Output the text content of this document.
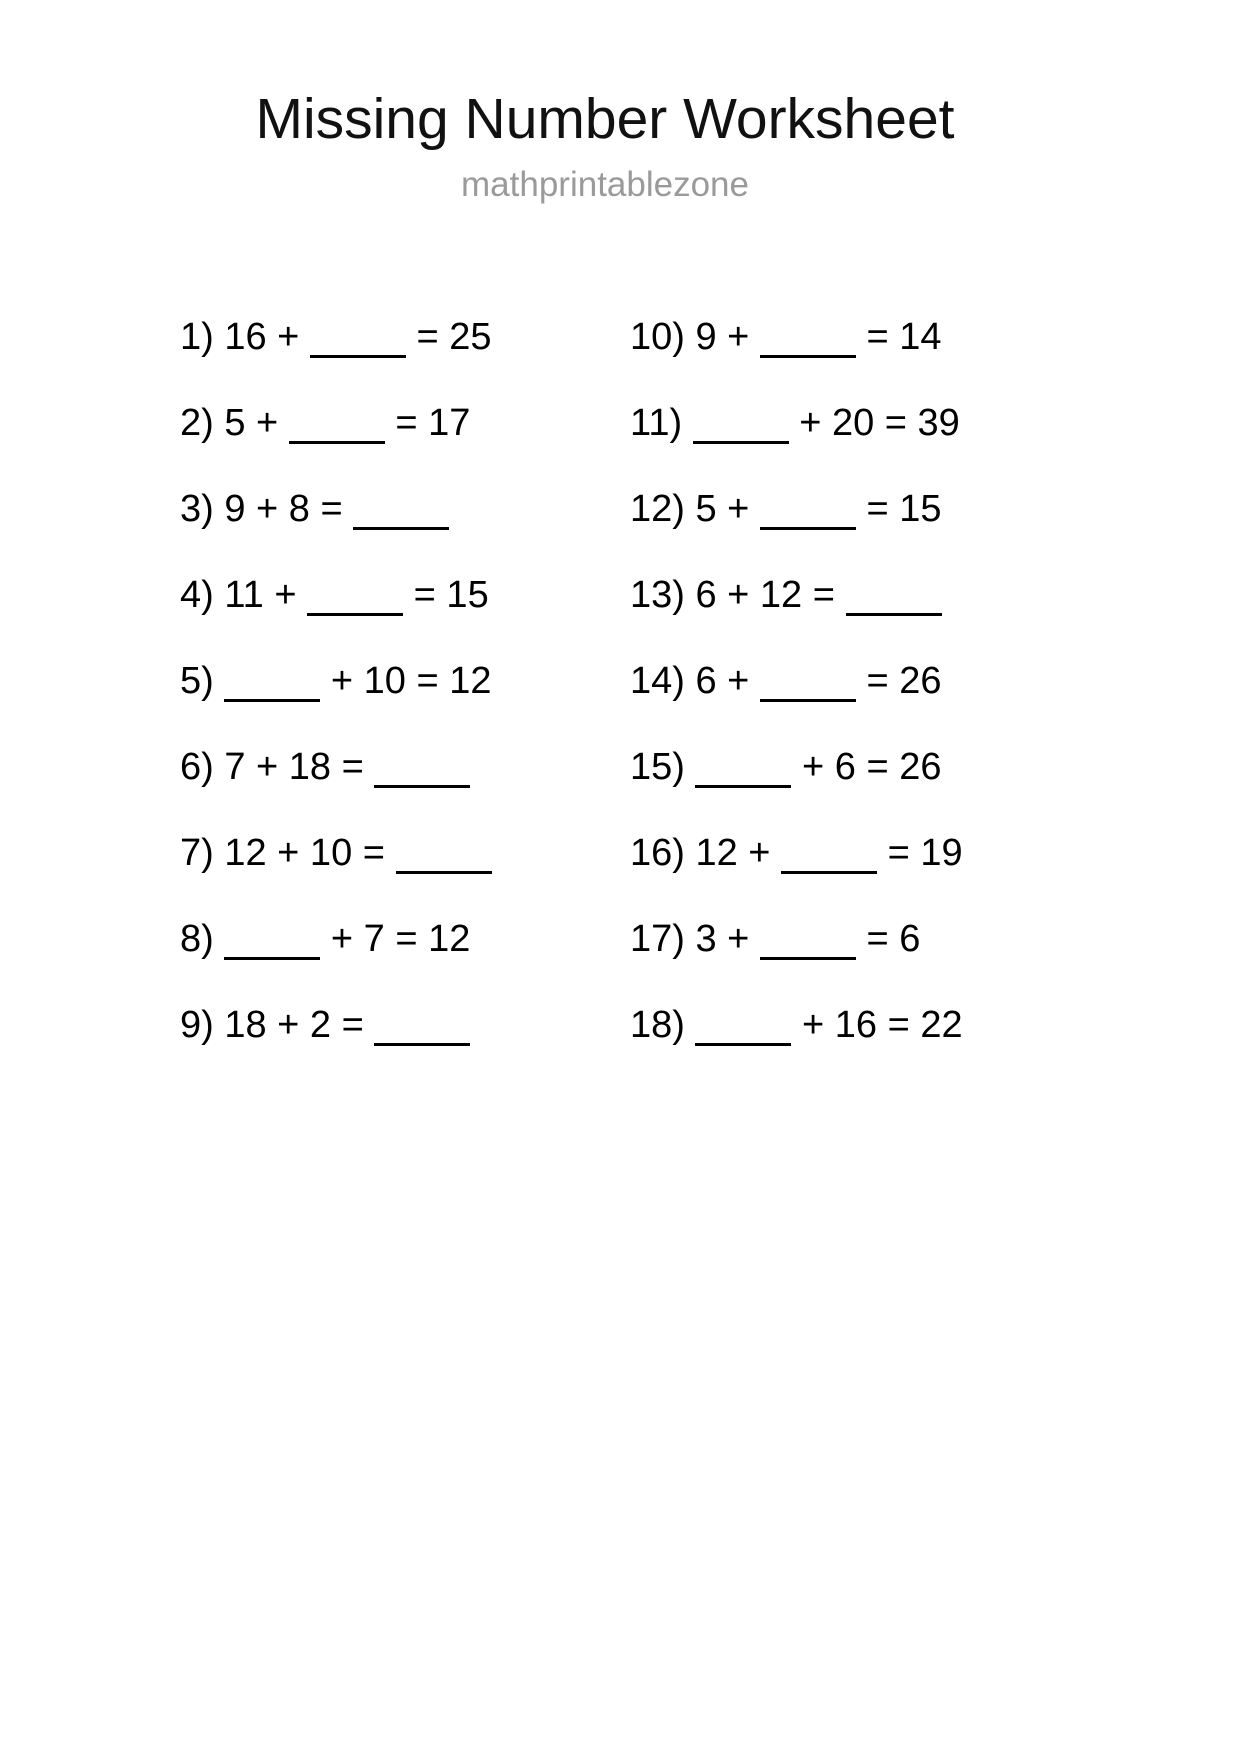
Missing Number Worksheet
mathprintablezone
1) 16 +	= 25
2) 5 +	= 17
3) 9 + 8 =
4) 11 +	= 15
5)	+ 10 = 12
6) 7 + 18 =
7) 12 + 10 =
8)	+ 7 = 12
9) 18 + 2 =
10) 9 +	= 14
11)	+ 20 = 39
12) 5 +	= 15
13) 6 + 12 =
14) 6 +	= 26
15)	+ 6 = 26
16) 12 +	= 19
17) 3 +	= 6
18)	+ 16 = 22
